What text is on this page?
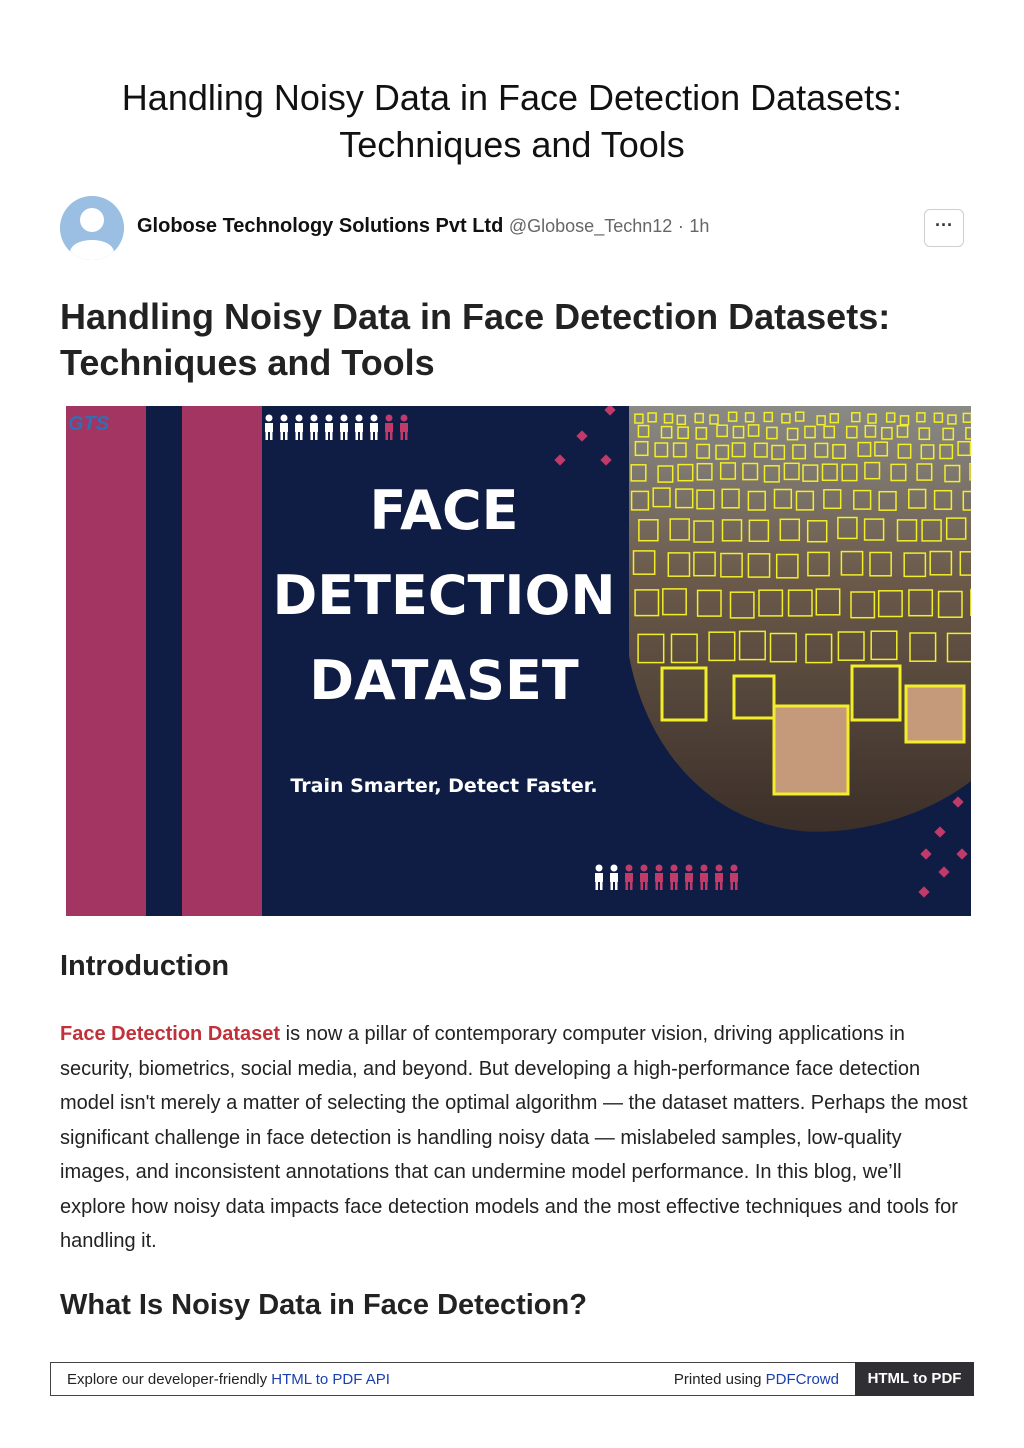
Handling Noisy Data in Face Detection Datasets:
Techniques and Tools
Globose Technology Solutions Pvt Ltd @Globose_Techn12 · 1h	···
Handling Noisy Data in Face Detection Datasets:
Techniques and Tools
GTS
FACE
DETECTION
DATASET
Train Smarter, Detect Faster.
Introduction

Face Detection Dataset is now a pillar of contemporary computer vision, driving applications in security, biometrics, social media, and beyond. But developing a high-performance face detection model isn't merely a matter of selecting the optimal algorithm — the dataset matters. Perhaps the most significant challenge in face detection is handling noisy data — mislabeled samples, low-quality images, and inconsistent annotations that can undermine model performance. In this blog, we’ll explore how noisy data impacts face detection models and the most effective techniques and tools for handling it.

What Is Noisy Data in Face Detection?
Explore our developer-friendly HTML to PDF API	Printed using PDFCrowd	HTML to PDF
